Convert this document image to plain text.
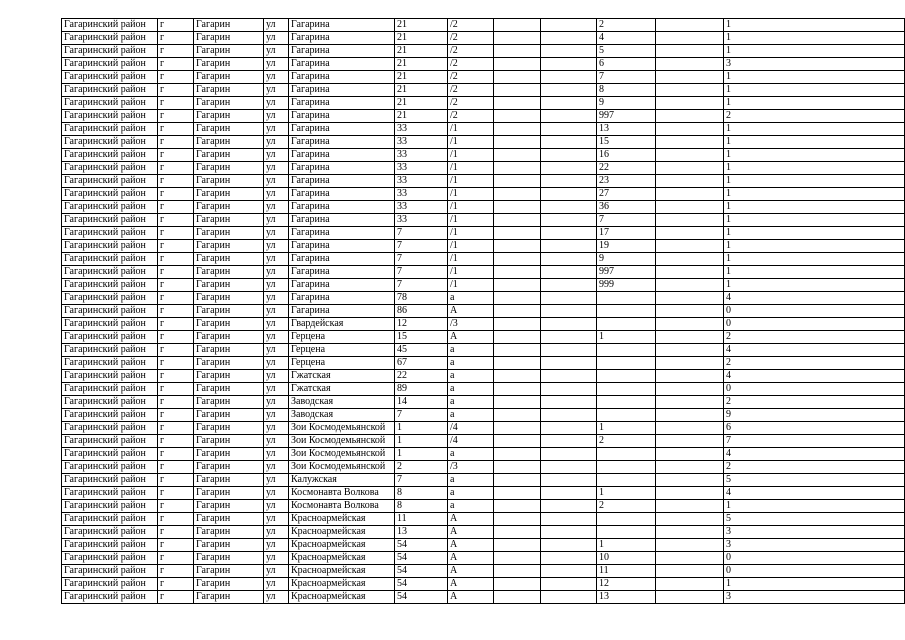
Гагаринский район	г	Гагарин	ул	Гагарина	21	/2			2		1
Гагаринский район	г	Гагарин	ул	Гагарина	21	/2			4		1
Гагаринский район	г	Гагарин	ул	Гагарина	21	/2			5		1
Гагаринский район	г	Гагарин	ул	Гагарина	21	/2			6		3
Гагаринский район	г	Гагарин	ул	Гагарина	21	/2			7		1
Гагаринский район	г	Гагарин	ул	Гагарина	21	/2			8		1
Гагаринский район	г	Гагарин	ул	Гагарина	21	/2			9		1
Гагаринский район	г	Гагарин	ул	Гагарина	21	/2			997		2
Гагаринский район	г	Гагарин	ул	Гагарина	33	/1			13		1
Гагаринский район	г	Гагарин	ул	Гагарина	33	/1			15		1
Гагаринский район	г	Гагарин	ул	Гагарина	33	/1			16		1
Гагаринский район	г	Гагарин	ул	Гагарина	33	/1			22		1
Гагаринский район	г	Гагарин	ул	Гагарина	33	/1			23		1
Гагаринский район	г	Гагарин	ул	Гагарина	33	/1			27		1
Гагаринский район	г	Гагарин	ул	Гагарина	33	/1			36		1
Гагаринский район	г	Гагарин	ул	Гагарина	33	/1			7		1
Гагаринский район	г	Гагарин	ул	Гагарина	7	/1			17		1
Гагаринский район	г	Гагарин	ул	Гагарина	7	/1			19		1
Гагаринский район	г	Гагарин	ул	Гагарина	7	/1			9		1
Гагаринский район	г	Гагарин	ул	Гагарина	7	/1			997		1
Гагаринский район	г	Гагарин	ул	Гагарина	7	/1			999		1
Гагаринский район	г	Гагарин	ул	Гагарина	78	а					4
Гагаринский район	г	Гагарин	ул	Гагарина	86	А					0
Гагаринский район	г	Гагарин	ул	Гвардейская	12	/3					0
Гагаринский район	г	Гагарин	ул	Герцена	15	А			1		2
Гагаринский район	г	Гагарин	ул	Герцена	45	а					4
Гагаринский район	г	Гагарин	ул	Герцена	67	а					2
Гагаринский район	г	Гагарин	ул	Гжатская	22	а					4
Гагаринский район	г	Гагарин	ул	Гжатская	89	а					0
Гагаринский район	г	Гагарин	ул	Заводская	14	а					2
Гагаринский район	г	Гагарин	ул	Заводская	7	а					9
Гагаринский район	г	Гагарин	ул	Зои Космодемьянской	1	/4			1		6
Гагаринский район	г	Гагарин	ул	Зои Космодемьянской	1	/4			2		7
Гагаринский район	г	Гагарин	ул	Зои Космодемьянской	1	а					4
Гагаринский район	г	Гагарин	ул	Зои Космодемьянской	2	/3					2
Гагаринский район	г	Гагарин	ул	Калужская	7	а					5
Гагаринский район	г	Гагарин	ул	Космонавта Волкова	8	а			1		4
Гагаринский район	г	Гагарин	ул	Космонавта Волкова	8	а			2		1
Гагаринский район	г	Гагарин	ул	Красноармейская	11	А					5
Гагаринский район	г	Гагарин	ул	Красноармейская	13	А					3
Гагаринский район	г	Гагарин	ул	Красноармейская	54	А			1		3
Гагаринский район	г	Гагарин	ул	Красноармейская	54	А			10		0
Гагаринский район	г	Гагарин	ул	Красноармейская	54	А			11		0
Гагаринский район	г	Гагарин	ул	Красноармейская	54	А			12		1
Гагаринский район	г	Гагарин	ул	Красноармейская	54	А			13		3
